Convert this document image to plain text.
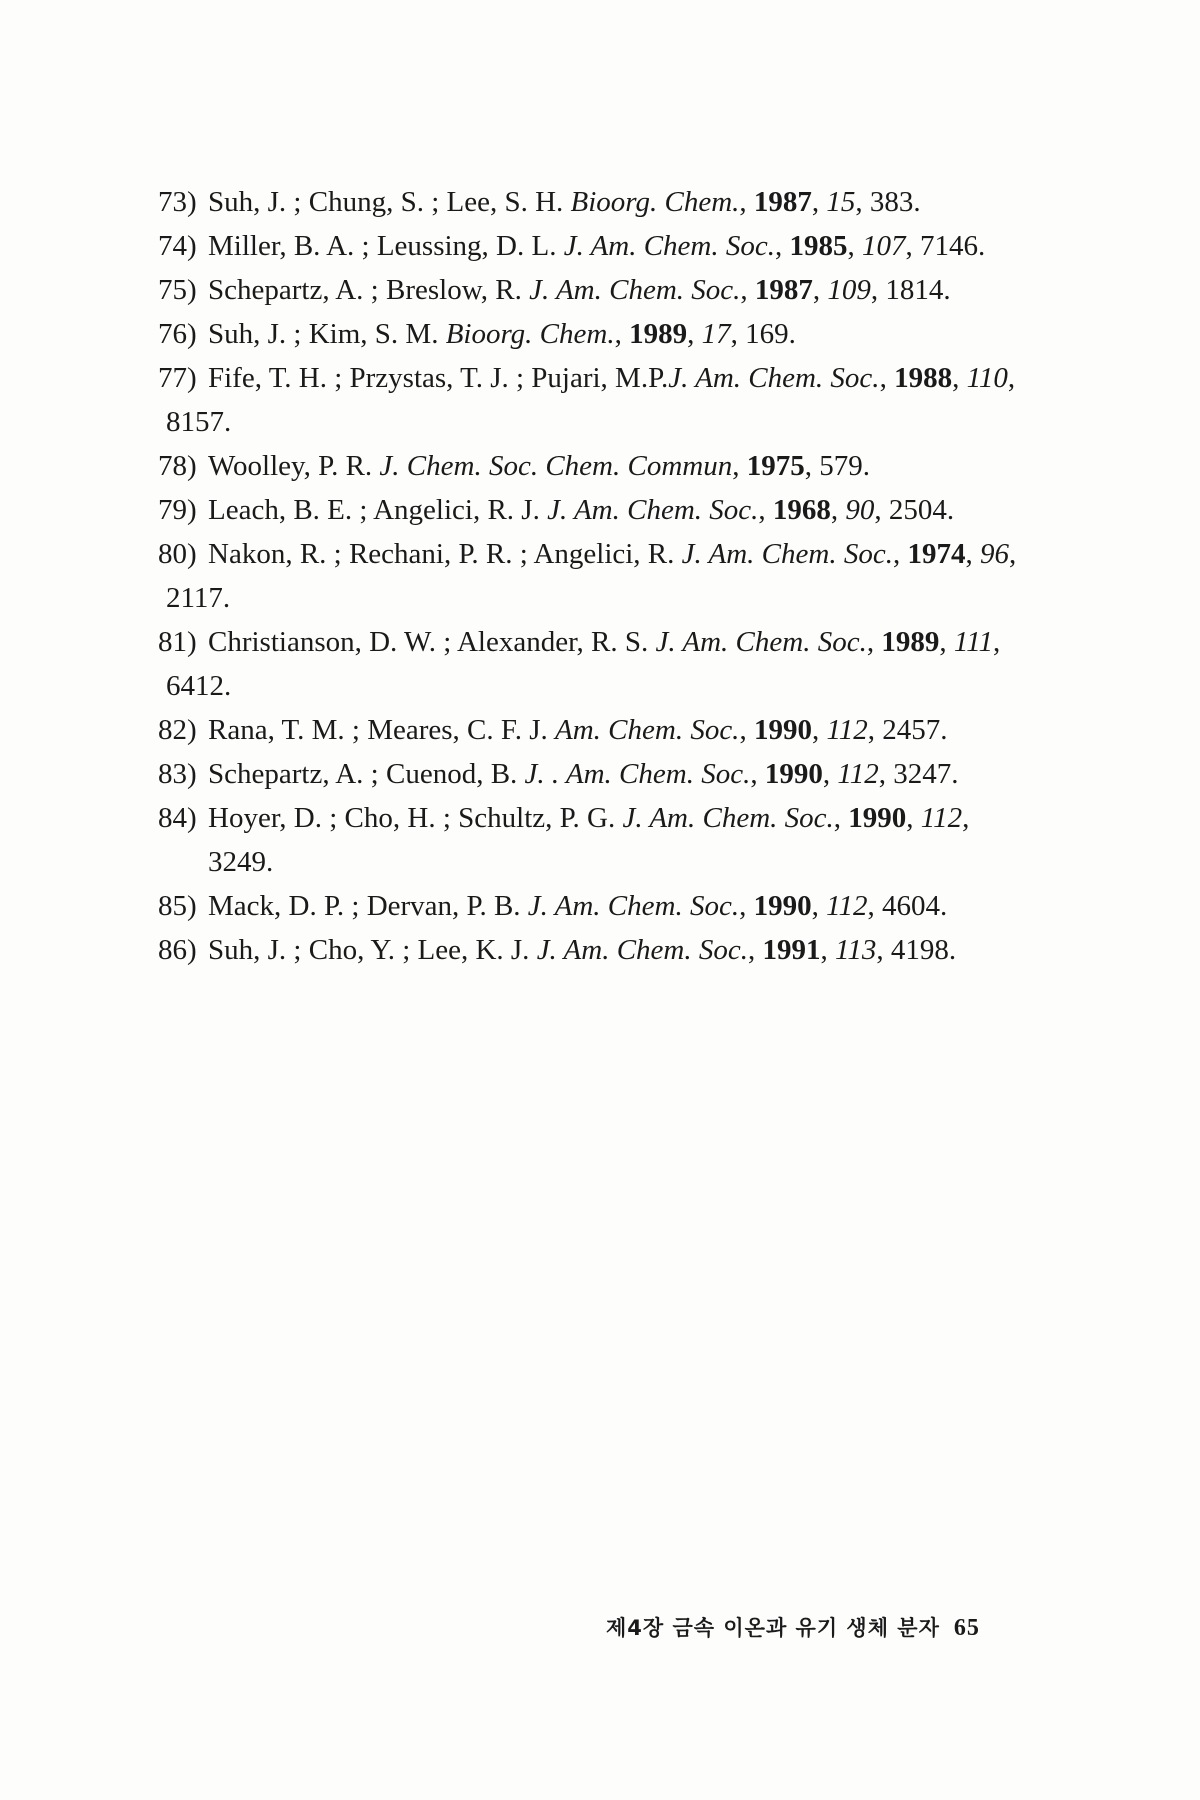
73) Suh, J. ; Chung, S. ; Lee, S. H. Bioorg. Chem., 1987, 15, 383.
74) Miller, B. A. ; Leussing, D. L. J. Am. Chem. Soc., 1985, 107, 7146.
75) Schepartz, A. ; Breslow, R. J. Am. Chem. Soc., 1987, 109, 1814.
76) Suh, J. ; Kim, S. M. Bioorg. Chem., 1989, 17, 169.
77) Fife, T. H. ; Przystas, T. J. ; Pujari, M.P.J. Am. Chem. Soc., 1988, 110,
8157.
78) Woolley, P. R. J. Chem. Soc. Chem. Commun, 1975, 579.
79) Leach, B. E. ; Angelici, R. J. J. Am. Chem. Soc., 1968, 90, 2504.
80) Nakon, R. ; Rechani, P. R. ; Angelici, R. J. Am. Chem. Soc., 1974, 96,
2117.
81) Christianson, D. W. ; Alexander, R. S. J. Am. Chem. Soc., 1989, 111,
6412.
82) Rana, T. M. ; Meares, C. F. J. Am. Chem. Soc., 1990, 112, 2457.
83) Schepartz, A. ; Cuenod, B. J. . Am. Chem. Soc., 1990, 112, 3247.
84) Hoyer, D. ; Cho, H. ; Schultz, P. G. J. Am. Chem. Soc., 1990, 112, 3249.
85) Mack, D. P. ; Dervan, P. B. J. Am. Chem. Soc., 1990, 112, 4604.
86) Suh, J. ; Cho, Y. ; Lee, K. J. J. Am. Chem. Soc., 1991, 113, 4198.
제4장 금속 이온과 유기 생체 분자 65
